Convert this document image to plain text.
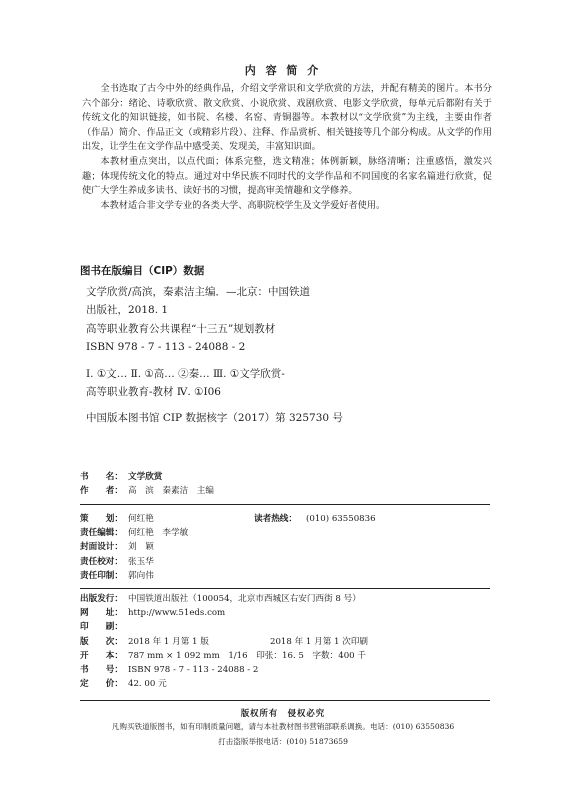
内 容 简 介

全书选取了古今中外的经典作品，介绍文学常识和文学欣赏的方法，并配有精美的图片。本书分六个部分：绪论、诗歌欣赏、散文欣赏、小说欣赏、戏剧欣赏、电影文学欣赏，每单元后都附有关于传统文化的知识链接，如书院、名楼、名窑、青铜器等。本教材以“文学欣赏”为主线，主要由作者（作品）简介、作品正文（或精彩片段）、注释、作品赏析、相关链接等几个部分构成。从文学的作用出发，让学生在文学作品中感受美、发现美，丰富知识面。

本教材重点突出，以点代面；体系完整，选文精准；体例新颖，脉络清晰；注重感悟，激发兴趣；体现传统文化的特点。通过对中华民族不同时代的文学作品和不同国度的名家名篇进行欣赏，促使广大学生养成多读书、读好书的习惯，提高审美情趣和文学修养。

本教材适合非文学专业的各类大学、高职院校学生及文学爱好者使用。

图书在版编目（CIP）数据
文学欣赏/高滨，秦素洁主编．—北京：中国铁道
出版社，2018. 1
高等职业教育公共课程“十三五”规划教材
ISBN 978 - 7 - 113 - 24088 - 2
Ⅰ. ①文… Ⅱ. ①高… ②秦… Ⅲ. ①文学欣赏-
高等职业教育-教材 Ⅳ. ①I06
中国版本图书馆 CIP 数据核字（2017）第 325730 号
书　　名： 文学欣赏
作　　者： 高　滨　秦素洁　主编
策　　划： 何红艳	读者热线：	(010) 63550836
责任编辑： 何红艳　李学敏
封面设计： 刘　颖
责任校对： 张玉华
责任印制： 郭向伟
出版发行： 中国铁道出版社（100054，北京市西城区右安门西街 8 号）
网　　址： http://www.51eds.com
印　　刷：
版　　次： 2018 年 1 月第 1 版	2018 年 1 月第 1 次印刷
开　　本： 787 mm × 1 092 mm　1/16　印张：16. 5　字数：400 千
书　　号： ISBN 978 - 7 - 113 - 24088 - 2
定　　价： 42. 00 元
版权所有　侵权必究
凡购买铁道版图书，如有印制质量问题，请与本社教材图书营销部联系调换。电话：(010) 63550836
打击盗版举报电话：(010) 51873659
